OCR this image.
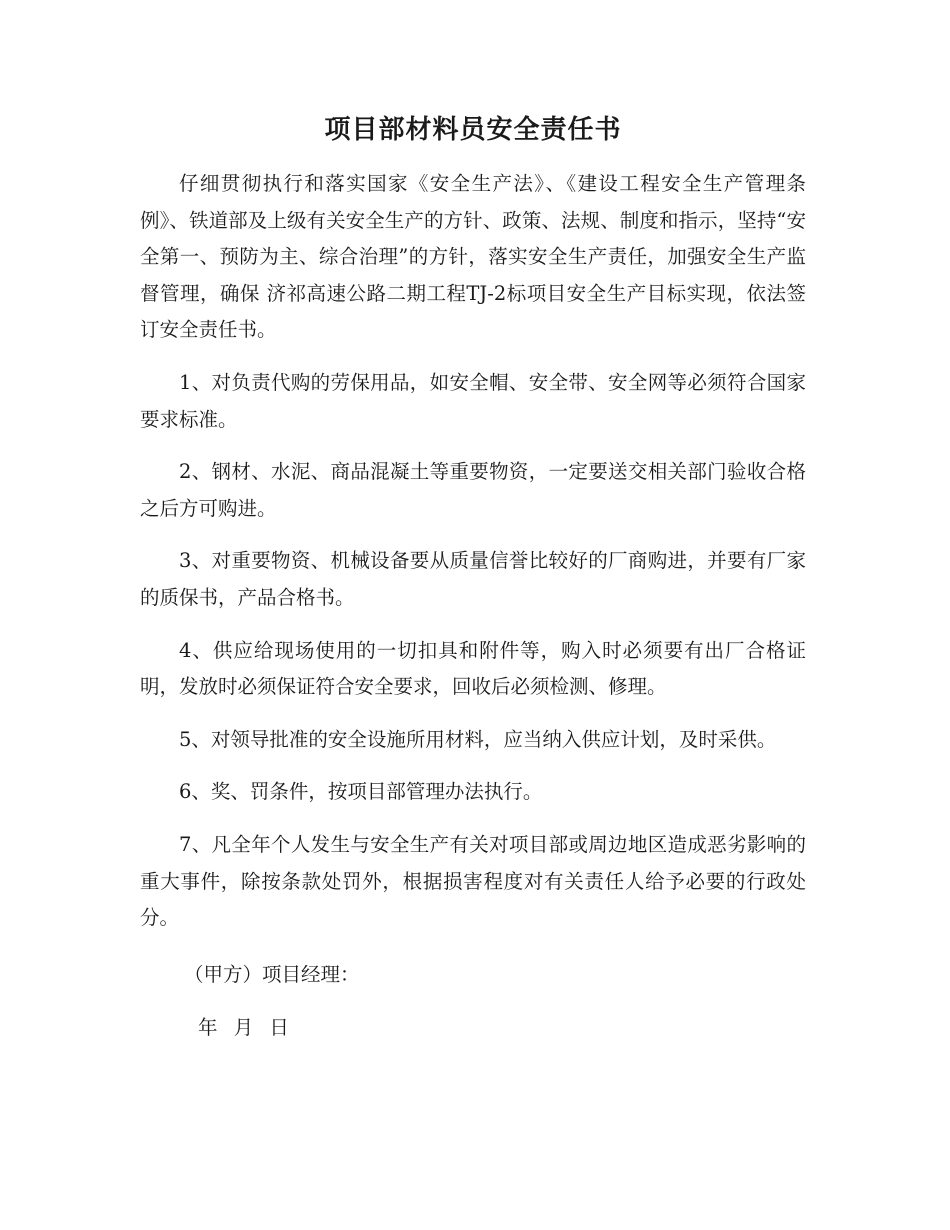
项目部材料员安全责任书

仔细贯彻执行和落实国家《安全生产法》、《建设工程安全生产管理条例》、铁道部及上级有关安全生产的方针、政策、法规、制度和指示，坚持“安全第一、预防为主、综合治理”的方针，落实安全生产责任，加强安全生产监督管理，确保 济祁高速公路二期工程TJ-2标项目安全生产目标实现，依法签订安全责任书。

1、对负责代购的劳保用品，如安全帽、安全带、安全网等必须符合国家要求标准。

2、钢材、水泥、商品混凝土等重要物资，一定要送交相关部门验收合格之后方可购进。

3、对重要物资、机械设备要从质量信誉比较好的厂商购进，并要有厂家的质保书，产品合格书。

4、供应给现场使用的一切扣具和附件等，购入时必须要有出厂合格证明，发放时必须保证符合安全要求，回收后必须检测、修理。

5、对领导批准的安全设施所用材料，应当纳入供应计划，及时采供。

6、奖、罚条件，按项目部管理办法执行。

7、凡全年个人发生与安全生产有关对项目部或周边地区造成恶劣影响的重大事件，除按条款处罚外，根据损害程度对有关责任人给予必要的行政处分。

（甲方）项目经理：

年 月 日
